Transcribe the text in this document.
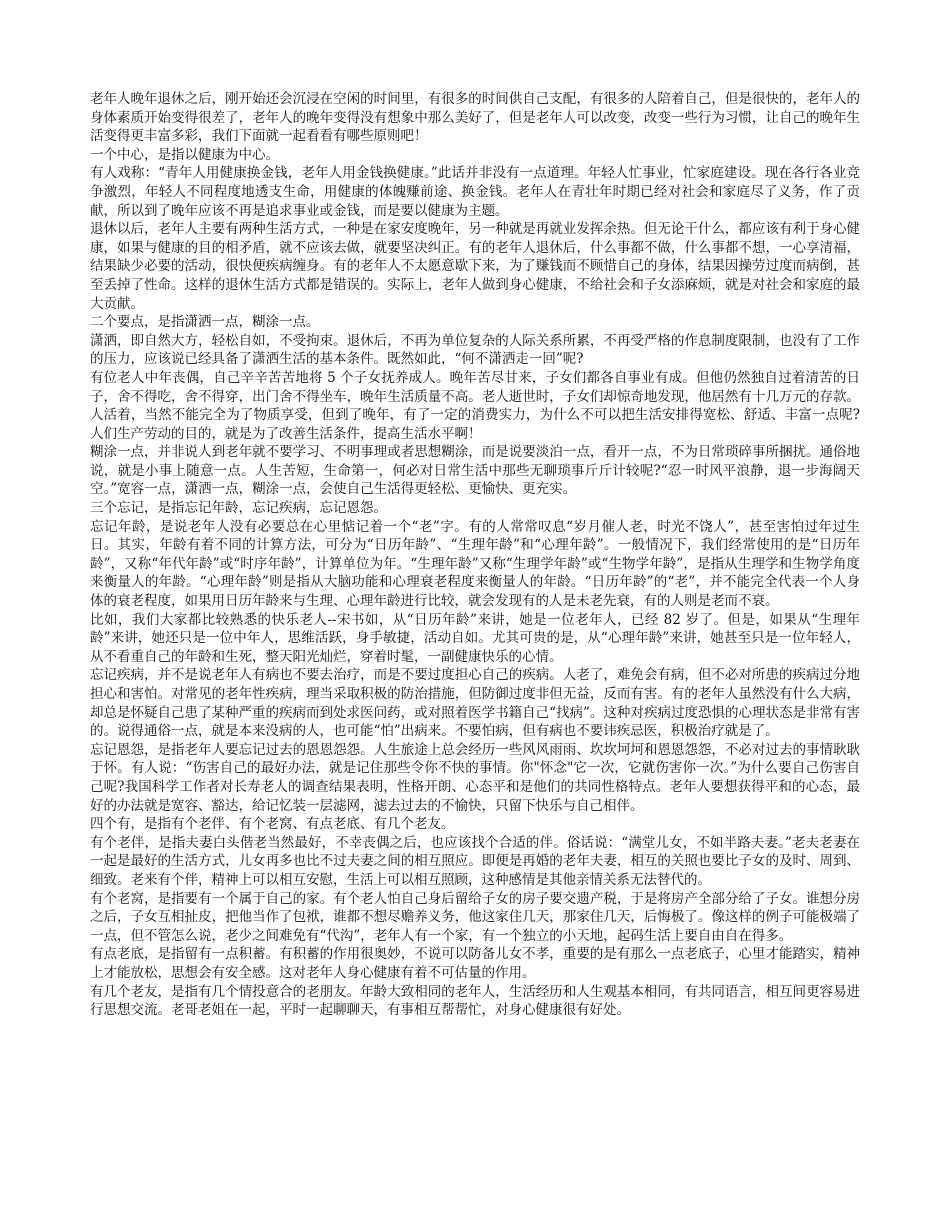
老年人晚年退休之后，刚开始还会沉浸在空闲的时间里，有很多的时间供自己支配，有很多的人陪着自己，但是很快的，老年人的身体素质开始变得很差了，老年人的晚年变得没有想象中那么美好了，但是老年人可以改变，改变一些行为习惯，让自己的晚年生活变得更丰富多彩，我们下面就一起看看有哪些原则吧！

一个中心，是指以健康为中心。

有人戏称：“青年人用健康换金钱，老年人用金钱换健康。”此话并非没有一点道理。年轻人忙事业，忙家庭建设。现在各行各业竞争激烈，年轻人不同程度地透支生命，用健康的体魄赚前途、换金钱。老年人在青壮年时期已经对社会和家庭尽了义务，作了贡献，所以到了晚年应该不再是追求事业或金钱，而是要以健康为主题。

退休以后，老年人主要有两种生活方式，一种是在家安度晚年，另一种就是再就业发挥余热。但无论干什么，都应该有利于身心健康，如果与健康的目的相矛盾，就不应该去做，就要坚决纠正。有的老年人退休后，什么事都不做，什么事都不想，一心享清福，结果缺少必要的活动，很快便疾病缠身。有的老年人不太愿意歇下来，为了赚钱而不顾惜自己的身体，结果因操劳过度而病倒，甚至丢掉了性命。这样的退休生活方式都是错误的。实际上，老年人做到身心健康，不给社会和子女添麻烦，就是对社会和家庭的最大贡献。

二个要点，是指潇洒一点，糊涂一点。

潇洒，即自然大方，轻松自如，不受拘束。退休后，不再为单位复杂的人际关系所累，不再受严格的作息制度限制，也没有了工作的压力，应该说已经具备了潇洒生活的基本条件。既然如此，“何不潇洒走一回”呢?

有位老人中年丧偶，自己辛辛苦苦地将 5 个子女抚养成人。晚年苦尽甘来，子女们都各自事业有成。但他仍然独自过着清苦的日子，舍不得吃，舍不得穿，出门舍不得坐车，晚年生活质量不高。老人逝世时，子女们却惊奇地发现，他居然有十几万元的存款。人活着，当然不能完全为了物质享受，但到了晚年，有了一定的消费实力，为什么不可以把生活安排得宽松、舒适、丰富一点呢?人们生产劳动的目的，就是为了改善生活条件，提高生活水平啊！

糊涂一点，并非说人到老年就不要学习、不明事理或者思想糊涂，而是说要淡泊一点，看开一点，不为日常琐碎事所捆扰。通俗地说，就是小事上随意一点。人生苦短，生命第一，何必对日常生活中那些无聊琐事斤斤计较呢?“忍一时风平浪静，退一步海阔天空。”宽容一点，潇洒一点，糊涂一点，会使自己生活得更轻松、更愉快、更充实。

三个忘记，是指忘记年龄，忘记疾病，忘记恩怨。

忘记年龄，是说老年人没有必要总在心里惦记着一个“老”字。有的人常常叹息“岁月催人老，时光不饶人”，甚至害怕过年过生日。其实，年龄有着不同的计算方法，可分为“日历年龄”、“生理年龄”和“心理年龄”。一般情况下，我们经常使用的是“日历年龄”，又称“年代年龄”或“时序年龄”，计算单位为年。“生理年龄”又称“生理学年龄”或“生物学年龄”，是指从生理学和生物学角度来衡量人的年龄。“心理年龄”则是指从大脑功能和心理衰老程度来衡量人的年龄。“日历年龄”的“老”，并不能完全代表一个人身体的衰老程度，如果用日历年龄来与生理、心理年龄进行比较，就会发现有的人是未老先衰，有的人则是老而不衰。

比如，我们大家都比较熟悉的快乐老人--宋书如，从“日历年龄”来讲，她是一位老年人，已经 82 岁了。但是，如果从“生理年龄”来讲，她还只是一位中年人，思维活跃，身手敏捷，活动自如。尤其可贵的是，从“心理年龄”来讲，她甚至只是一位年轻人，从不看重自己的年龄和生死，整天阳光灿烂，穿着时髦，一副健康快乐的心情。

忘记疾病，并不是说老年人有病也不要去治疗，而是不要过度担心自己的疾病。人老了，难免会有病，但不必对所患的疾病过分地担心和害怕。对常见的老年性疾病，理当采取积极的防治措施，但防御过度非但无益，反而有害。有的老年人虽然没有什么大病，却总是怀疑自己患了某种严重的疾病而到处求医问药，或对照着医学书籍自己“找病”。这种对疾病过度恐惧的心理状态是非常有害的。说得通俗一点，就是本来没病的人，也可能“怕”出病来。不要怕病，但有病也不要讳疾忌医，积极治疗就是了。

忘记恩怨，是指老年人要忘记过去的恩恩怨怨。人生旅途上总会经历一些风风雨雨、坎坎坷坷和恩恩怨怨，不必对过去的事情耿耿于怀。有人说：“伤害自己的最好办法，就是记住那些令你不快的事情。你"怀念"它一次，它就伤害你一次。”为什么要自己伤害自己呢?我国科学工作者对长寿老人的调查结果表明，性格开朗、心态平和是他们的共同性格特点。老年人要想获得平和的心态，最好的办法就是宽容、豁达，给记忆装一层滤网，滤去过去的不愉快，只留下快乐与自己相伴。

四个有，是指有个老伴、有个老窝、有点老底、有几个老友。

有个老伴，是指夫妻白头偕老当然最好，不幸丧偶之后，也应该找个合适的伴。俗话说：“满堂儿女，不如半路夫妻。”老夫老妻在一起是最好的生活方式，儿女再多也比不过夫妻之间的相互照应。即便是再婚的老年夫妻，相互的关照也要比子女的及时、周到、细致。老来有个伴，精神上可以相互安慰，生活上可以相互照顾，这种感情是其他亲情关系无法替代的。

有个老窝，是指要有一个属于自己的家。有个老人怕自己身后留给子女的房子要交遗产税，于是将房产全部分给了子女。谁想分房之后，子女互相扯皮，把他当作了包袱，谁都不想尽赡养义务，他这家住几天，那家住几天，后悔极了。像这样的例子可能极端了一点，但不管怎么说，老少之间难免有“代沟”，老年人有一个家，有一个独立的小天地，起码生活上要自由自在得多。

有点老底，是指留有一点积蓄。有积蓄的作用很奥妙，不说可以防备儿女不孝，重要的是有那么一点老底子，心里才能踏实，精神上才能放松，思想会有安全感。这对老年人身心健康有着不可估量的作用。

有几个老友，是指有几个情投意合的老朋友。年龄大致相同的老年人，生活经历和人生观基本相同，有共同语言，相互间更容易进行思想交流。老哥老姐在一起，平时一起聊聊天，有事相互帮帮忙，对身心健康很有好处。
